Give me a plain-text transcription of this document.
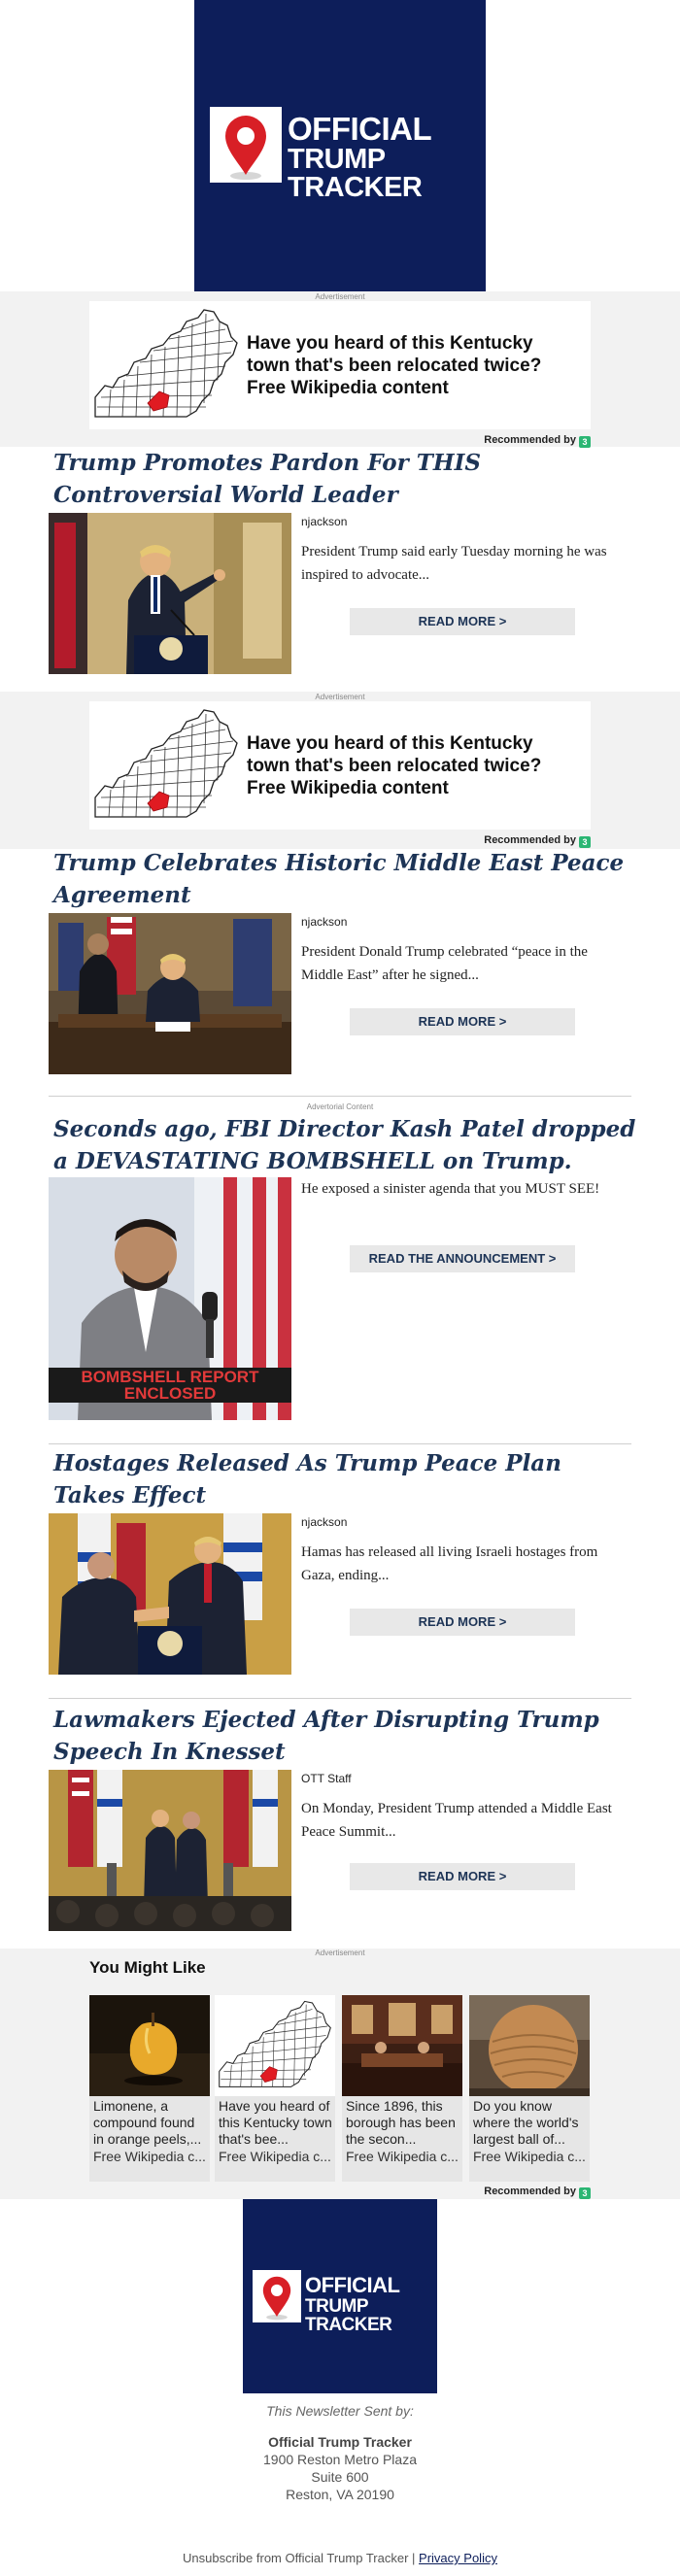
OFFICIAL
TRUMP TRACKER
Advertisement
Have you heard of this Kentucky town that's been relocated twice? Free Wikipedia content
Recommended by 3
Trump Promotes Pardon For THIS Controversial World Leader
njackson
President Trump said early Tuesday morning he was inspired to advocate...
READ MORE >
Advertisement
Have you heard of this Kentucky town that's been relocated twice? Free Wikipedia content
Recommended by 3
Trump Celebrates Historic Middle East Peace Agreement
njackson
President Donald Trump celebrated “peace in the Middle East” after he signed...
READ MORE >
Advertorial Content
Seconds ago, FBI Director Kash Patel dropped a DEVASTATING BOMBSHELL on Trump.
BOMBSHELL REPORT
ENCLOSED
He exposed a sinister agenda that you MUST SEE!
READ THE ANNOUNCEMENT >
Hostages Released As Trump Peace Plan Takes Effect
njackson
Hamas has released all living Israeli hostages from Gaza, ending...
READ MORE >
Lawmakers Ejected After Disrupting Trump Speech In Knesset
OTT Staff
On Monday, President Trump attended a Middle East Peace Summit...
READ MORE >
Advertisement
You Might Like
Limonene, a compound found in orange peels,...
Free Wikipedia c...
Have you heard of this Kentucky town that's bee...
Free Wikipedia c...
Since 1896, this borough has been the secon...
Free Wikipedia c...
Do you know where the world's largest ball of...
Free Wikipedia c...
Recommended by 3
OFFICIAL
TRUMP TRACKER
This Newsletter Sent by:
Official Trump Tracker
1900 Reston Metro Plaza
Suite 600
Reston, VA 20190
Unsubscribe from Official Trump Tracker | Privacy Policy
